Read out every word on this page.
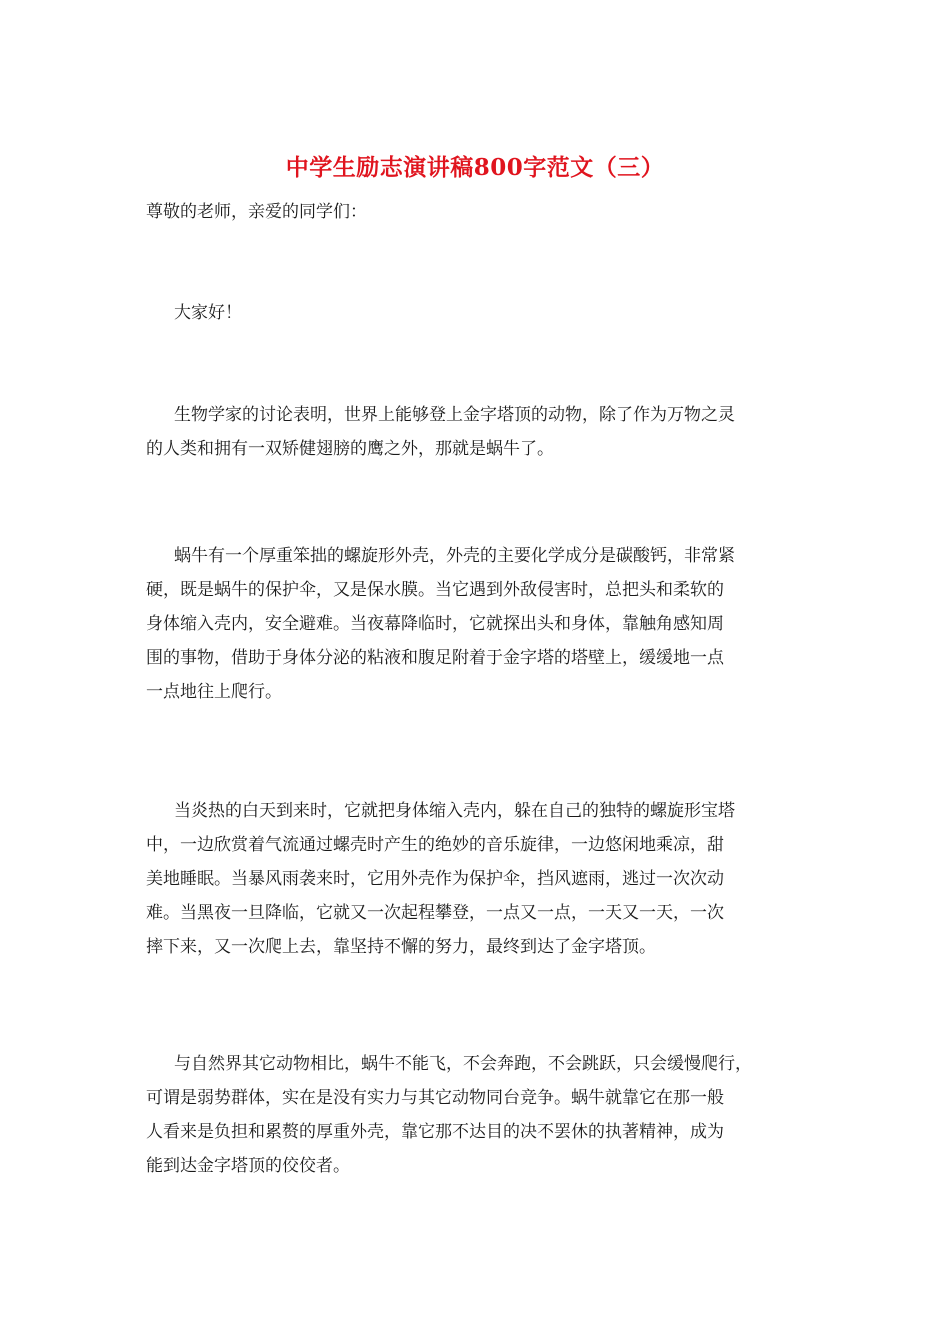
中学生励志演讲稿800字范文（三）
尊敬的老师，亲爱的同学们：
大家好！
生物学家的讨论表明，世界上能够登上金字塔顶的动物，除了作为万物之灵
的人类和拥有一双矫健翅膀的鹰之外，那就是蜗牛了。
蜗牛有一个厚重笨拙的螺旋形外壳，外壳的主要化学成分是碳酸钙，非常紧
硬，既是蜗牛的保护伞，又是保水膜。当它遇到外敌侵害时，总把头和柔软的
身体缩入壳内，安全避难。当夜幕降临时，它就探出头和身体，靠触角感知周
围的事物，借助于身体分泌的粘液和腹足附着于金字塔的塔壁上，缓缓地一点
一点地往上爬行。
当炎热的白天到来时，它就把身体缩入壳内，躲在自己的独特的螺旋形宝塔
中，一边欣赏着气流通过螺壳时产生的绝妙的音乐旋律，一边悠闲地乘凉，甜
美地睡眠。当暴风雨袭来时，它用外壳作为保护伞，挡风遮雨，逃过一次次动
难。当黑夜一旦降临，它就又一次起程攀登，一点又一点，一天又一天，一次
摔下来，又一次爬上去，靠坚持不懈的努力，最终到达了金字塔顶。
与自然界其它动物相比，蜗牛不能飞，不会奔跑，不会跳跃，只会缓慢爬行，
可谓是弱势群体，实在是没有实力与其它动物同台竞争。蜗牛就靠它在那一般
人看来是负担和累赘的厚重外壳，靠它那不达目的决不罢休的执著精神，成为
能到达金字塔顶的佼佼者。
